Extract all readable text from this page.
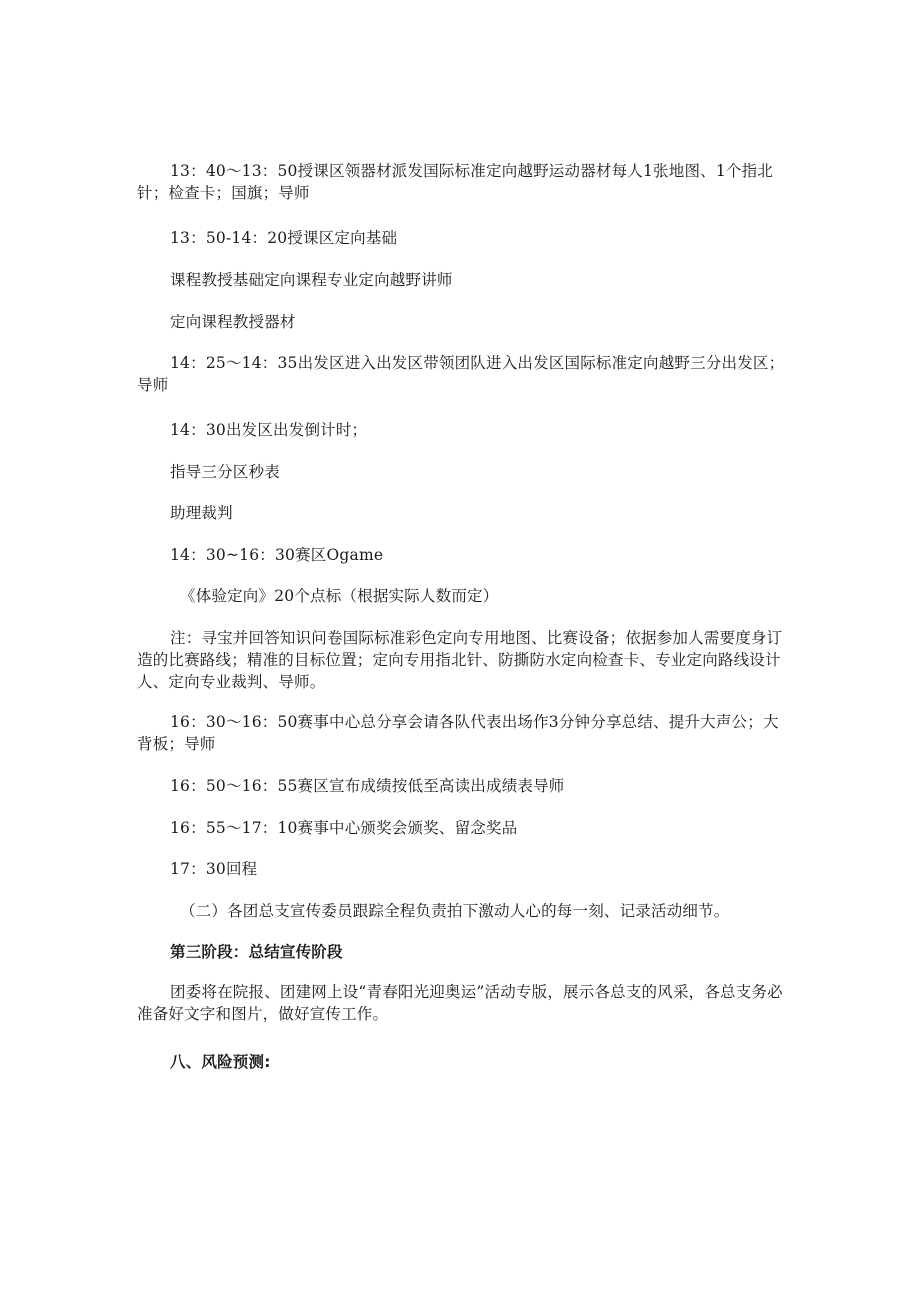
13：40～13：50授课区领器材派发国际标准定向越野运动器材每人1张地图、1个指北针；检查卡；国旗；导师

13：50-14：20授课区定向基础

课程教授基础定向课程专业定向越野讲师

定向课程教授器材

14：25～14：35出发区进入出发区带领团队进入出发区国际标准定向越野三分出发区；导师

14：30出发区出发倒计时；

指导三分区秒表

助理裁判

14：30~16：30赛区Ogame

《体验定向》20个点标（根据实际人数而定）

注：寻宝并回答知识问卷国际标准彩色定向专用地图、比赛设备；依据参加人需要度身订造的比赛路线；精准的目标位置；定向专用指北针、防撕防水定向检查卡、专业定向路线设计人、定向专业裁判、导师。

16：30～16：50赛事中心总分享会请各队代表出场作3分钟分享总结、提升大声公；大背板；导师

16：50～16：55赛区宣布成绩按低至高读出成绩表导师

16：55～17：10赛事中心颁奖会颁奖、留念奖品

17：30回程

（二）各团总支宣传委员跟踪全程负责拍下激动人心的每一刻、记录活动细节。

第三阶段：总结宣传阶段

团委将在院报、团建网上设“青春阳光迎奥运”活动专版，展示各总支的风采，各总支务必准备好文字和图片，做好宣传工作。

八、风险预测:
